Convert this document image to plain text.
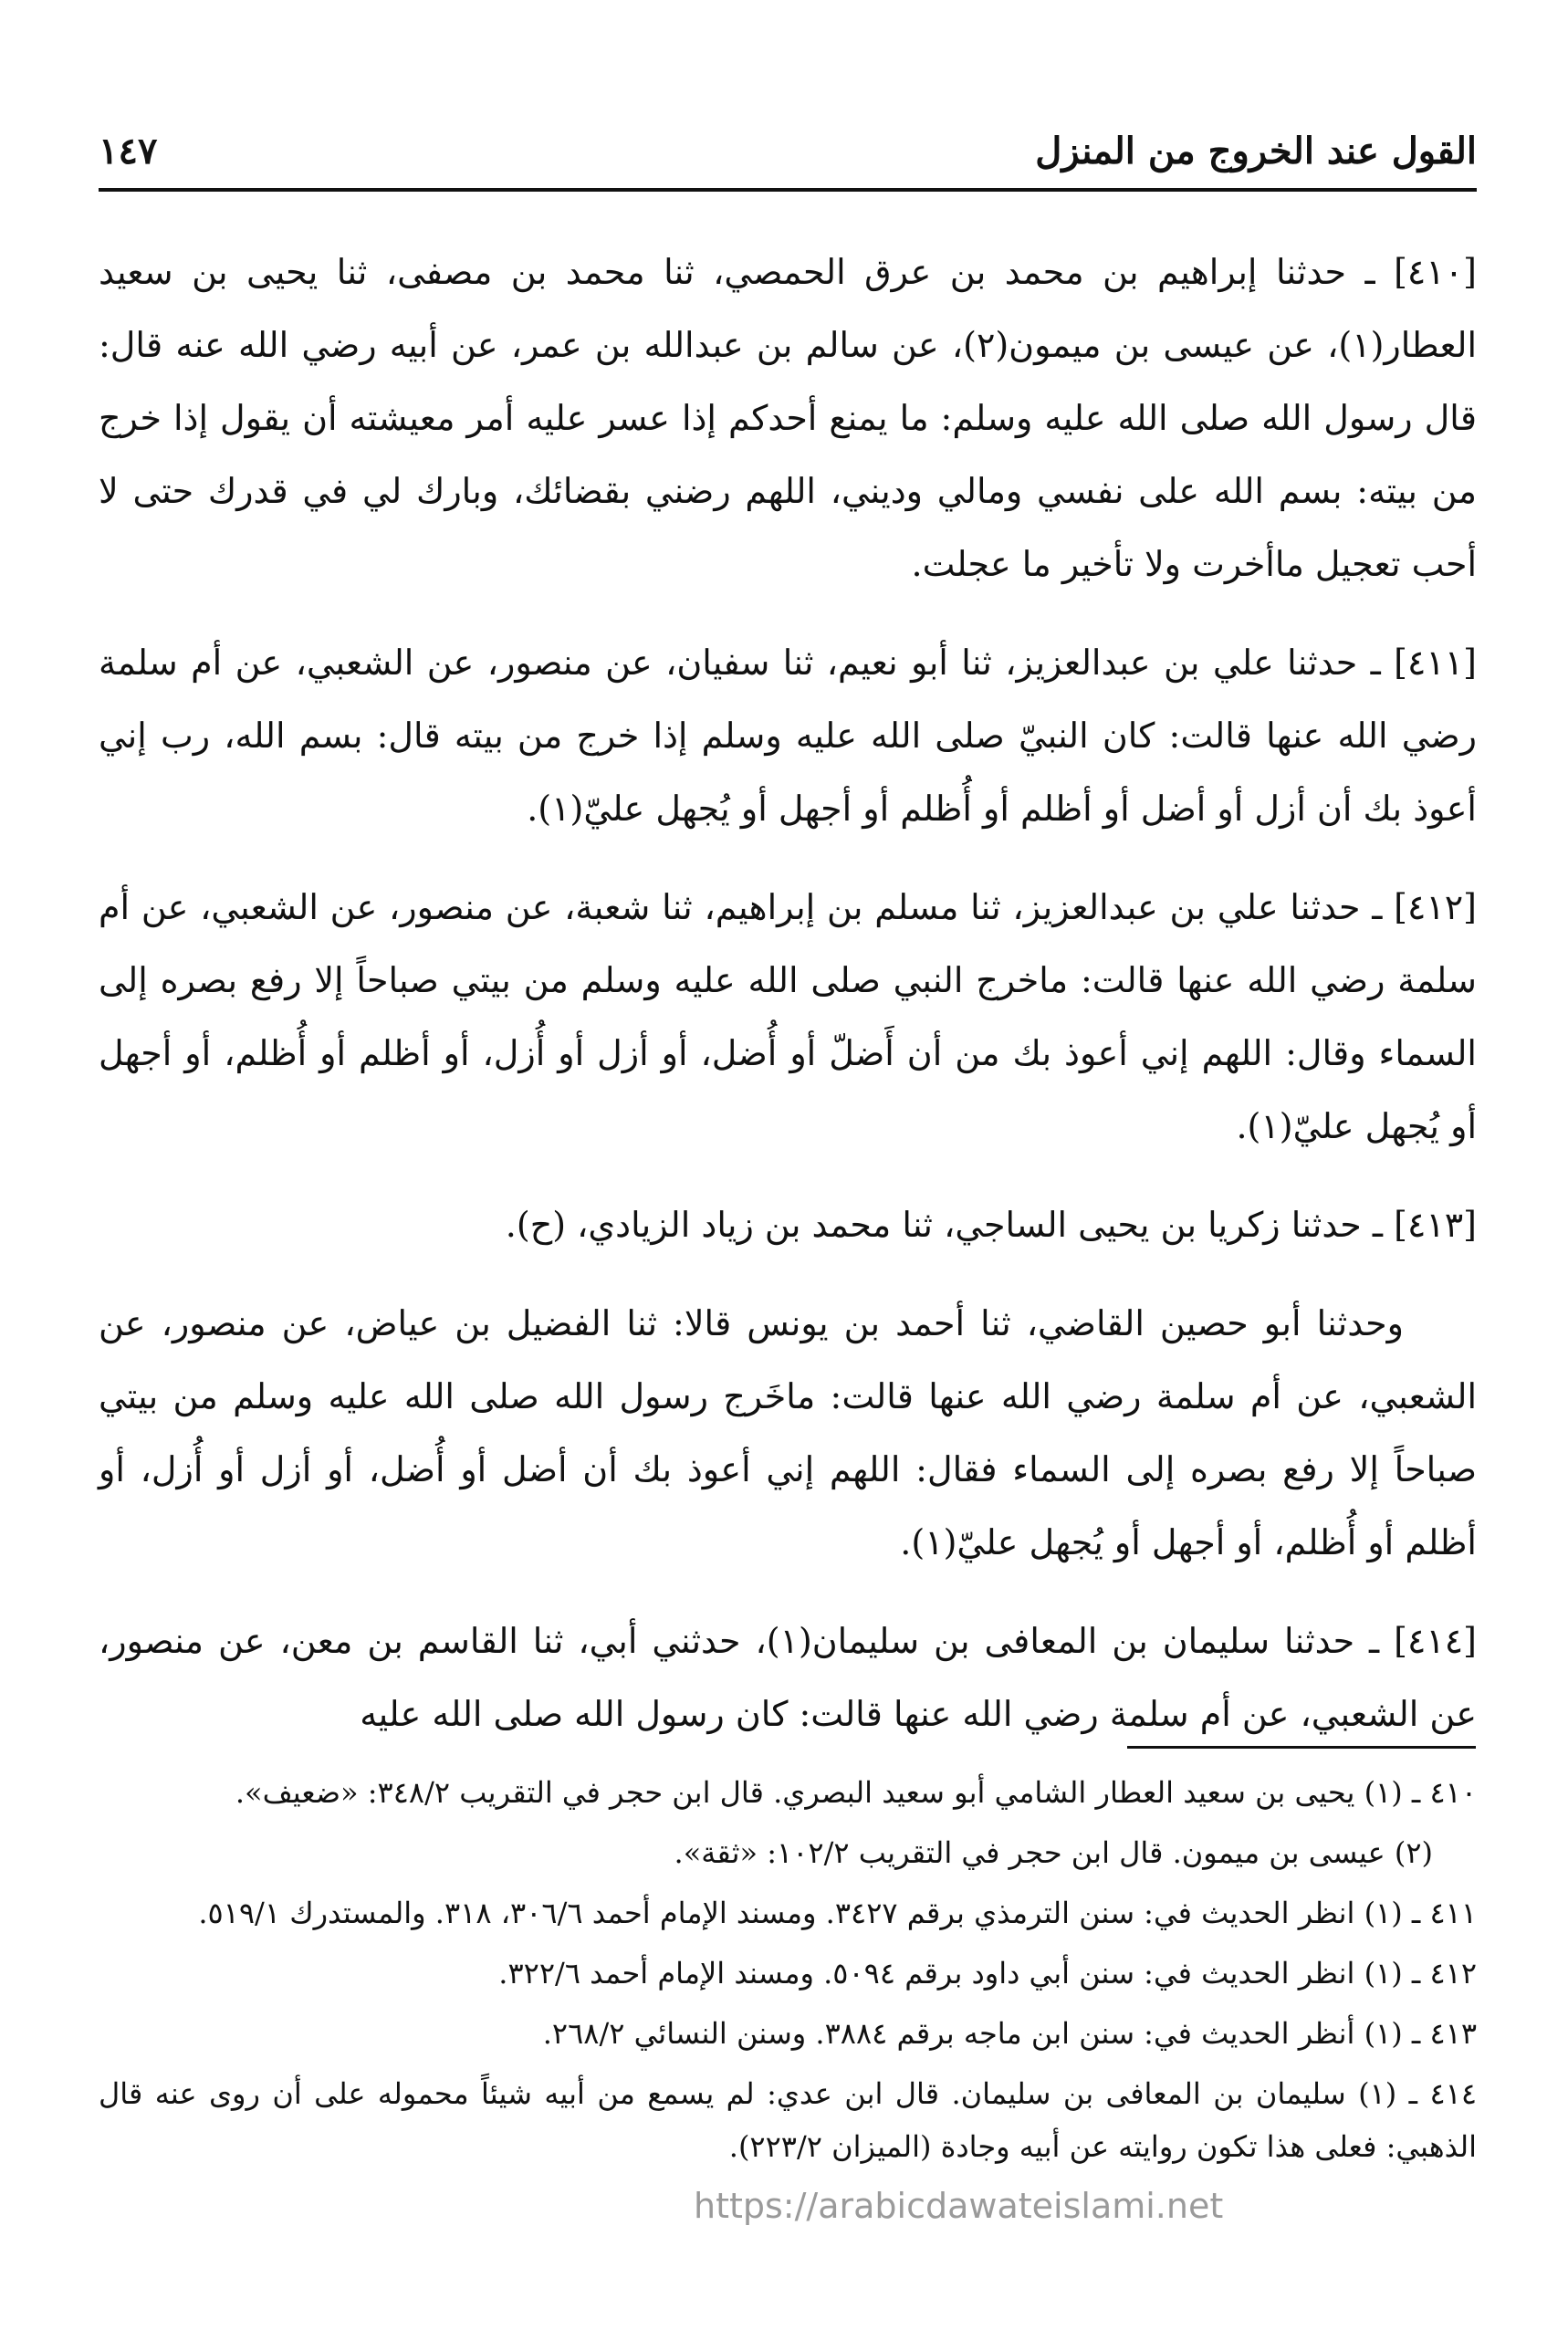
القول عند الخروج من المنزل
١٤٧

[٤١٠] ـ حدثنا إبراهيم بن محمد بن عرق الحمصي، ثنا محمد بن مصفى، ثنا يحيى بن سعيد العطار(١)، عن عيسى بن ميمون(٢)، عن سالم بن عبدالله بن عمر، عن أبيه رضي الله عنه قال: قال رسول الله صلى الله عليه وسلم: ما يمنع أحدكم إذا عسر عليه أمر معيشته أن يقول إذا خرج من بيته: بسم الله على نفسي ومالي وديني، اللهم رضني بقضائك، وبارك لي في قدرك حتى لا أحب تعجيل ماأخرت ولا تأخير ما عجلت.

[٤١١] ـ حدثنا علي بن عبدالعزيز، ثنا أبو نعيم، ثنا سفيان، عن منصور، عن الشعبي، عن أم سلمة رضي الله عنها قالت: كان النبيّ صلى الله عليه وسلم إذا خرج من بيته قال: بسم الله، رب إني أعوذ بك أن أزل أو أضل أو أظلم أو أُظلم أو أجهل أو يُجهل عليّ(١).

[٤١٢] ـ حدثنا علي بن عبدالعزيز، ثنا مسلم بن إبراهيم، ثنا شعبة، عن منصور، عن الشعبي، عن أم سلمة رضي الله عنها قالت: ماخرج النبي صلى الله عليه وسلم من بيتي صباحاً إلا رفع بصره إلى السماء وقال: اللهم إني أعوذ بك من أن أَضلّ أو أُضل، أو أزل أو أُزل، أو أظلم أو أُظلم، أو أجهل أو يُجهل عليّ(١).

[٤١٣] ـ حدثنا زكريا بن يحيى الساجي، ثنا محمد بن زياد الزيادي، (ح).

وحدثنا أبو حصين القاضي، ثنا أحمد بن يونس قالا: ثنا الفضيل بن عياض، عن منصور، عن الشعبي، عن أم سلمة رضي الله عنها قالت: ماخَرج رسول الله صلى الله عليه وسلم من بيتي صباحاً إلا رفع بصره إلى السماء فقال: اللهم إني أعوذ بك أن أضل أو أُضل، أو أزل أو أُزل، أو أظلم أو أُظلم، أو أجهل أو يُجهل عليّ(١).

[٤١٤] ـ حدثنا سليمان بن المعافى بن سليمان(١)، حدثني أبي، ثنا القاسم بن معن، عن منصور، عن الشعبي، عن أم سلمة رضي الله عنها قالت: كان رسول الله صلى الله عليه

٤١٠ ـ (١) يحيى بن سعيد العطار الشامي أبو سعيد البصري. قال ابن حجر في التقريب ٣٤٨/٢: «ضعيف».

(٢) عيسى بن ميمون. قال ابن حجر في التقريب ١٠٢/٢: «ثقة».

٤١١ ـ (١) انظر الحديث في: سنن الترمذي برقم ٣٤٢٧. ومسند الإمام أحمد ٣٠٦/٦، ٣١٨. والمستدرك ٥١٩/١.

٤١٢ ـ (١) انظر الحديث في: سنن أبي داود برقم ٥٠٩٤. ومسند الإمام أحمد ٣٢٢/٦.

٤١٣ ـ (١) أنظر الحديث في: سنن ابن ماجه برقم ٣٨٨٤. وسنن النسائي ٢٦٨/٢.

٤١٤ ـ (١) سليمان بن المعافى بن سليمان. قال ابن عدي: لم يسمع من أبيه شيئاً محموله على أن روى عنه قال الذهبي: فعلى هذا تكون روايته عن أبيه وجادة (الميزان ٢٢٣/٢).

https://arabicdawateislami.net
